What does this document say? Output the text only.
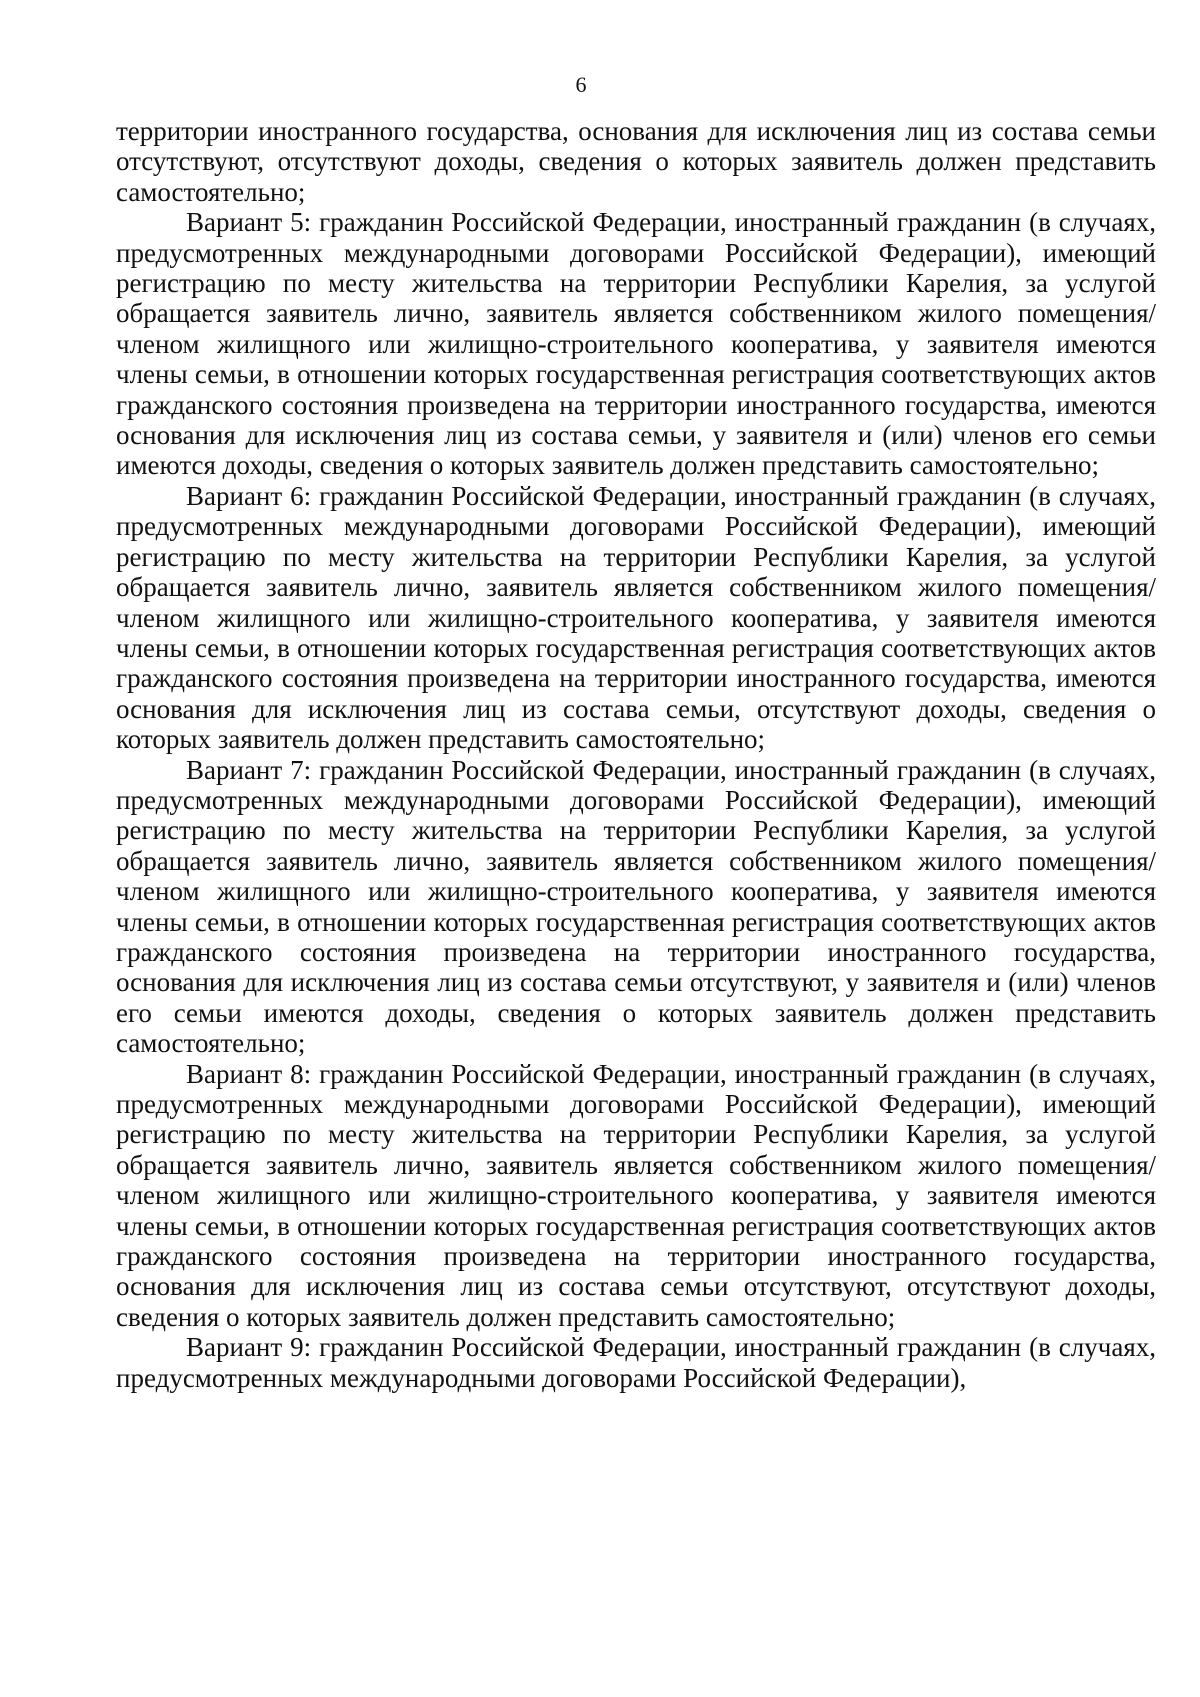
6

территории иностранного государства, основания для исключения лиц из состава семьи отсутствуют, отсутствуют доходы, сведения о которых заявитель должен представить самостоятельно;

Вариант 5: гражданин Российской Федерации, иностранный гражданин (в случаях, предусмотренных международными договорами Российской Федерации), имеющий регистрацию по месту жительства на территории Республики Карелия, за услугой обращается заявитель лично, заявитель является собственником жилого помещения/членом жилищного или жилищно-строительного кооператива, у заявителя имеются члены семьи, в отношении которых государственная регистрация соответствующих актов гражданского состояния произведена на территории иностранного государства, имеются основания для исключения лиц из состава семьи, у заявителя и (или) членов его семьи имеются доходы, сведения о которых заявитель должен представить самостоятельно;

Вариант 6: гражданин Российской Федерации, иностранный гражданин (в случаях, предусмотренных международными договорами Российской Федерации), имеющий регистрацию по месту жительства на территории Республики Карелия, за услугой обращается заявитель лично, заявитель является собственником жилого помещения/членом жилищного или жилищно-строительного кооператива, у заявителя имеются члены семьи, в отношении которых государственная регистрация соответствующих актов гражданского состояния произведена на территории иностранного государства, имеются основания для исключения лиц из состава семьи, отсутствуют доходы, сведения о которых заявитель должен представить самостоятельно;

Вариант 7: гражданин Российской Федерации, иностранный гражданин (в случаях, предусмотренных международными договорами Российской Федерации), имеющий регистрацию по месту жительства на территории Республики Карелия, за услугой обращается заявитель лично, заявитель является собственником жилого помещения/членом жилищного или жилищно-строительного кооператива, у заявителя имеются члены семьи, в отношении которых государственная регистрация соответствующих актов гражданского состояния произведена на территории иностранного государства, основания для исключения лиц из состава семьи отсутствуют, у заявителя и (или) членов его семьи имеются доходы, сведения о которых заявитель должен представить самостоятельно;

Вариант 8: гражданин Российской Федерации, иностранный гражданин (в случаях, предусмотренных международными договорами Российской Федерации), имеющий регистрацию по месту жительства на территории Республики Карелия, за услугой обращается заявитель лично, заявитель является собственником жилого помещения/членом жилищного или жилищно-строительного кооператива, у заявителя имеются члены семьи, в отношении которых государственная регистрация соответствующих актов гражданского состояния произведена на территории иностранного государства, основания для исключения лиц из состава семьи отсутствуют, отсутствуют доходы, сведения о которых заявитель должен представить самостоятельно;

Вариант 9: гражданин Российской Федерации, иностранный гражданин (в случаях, предусмотренных международными договорами Российской Федерации),
